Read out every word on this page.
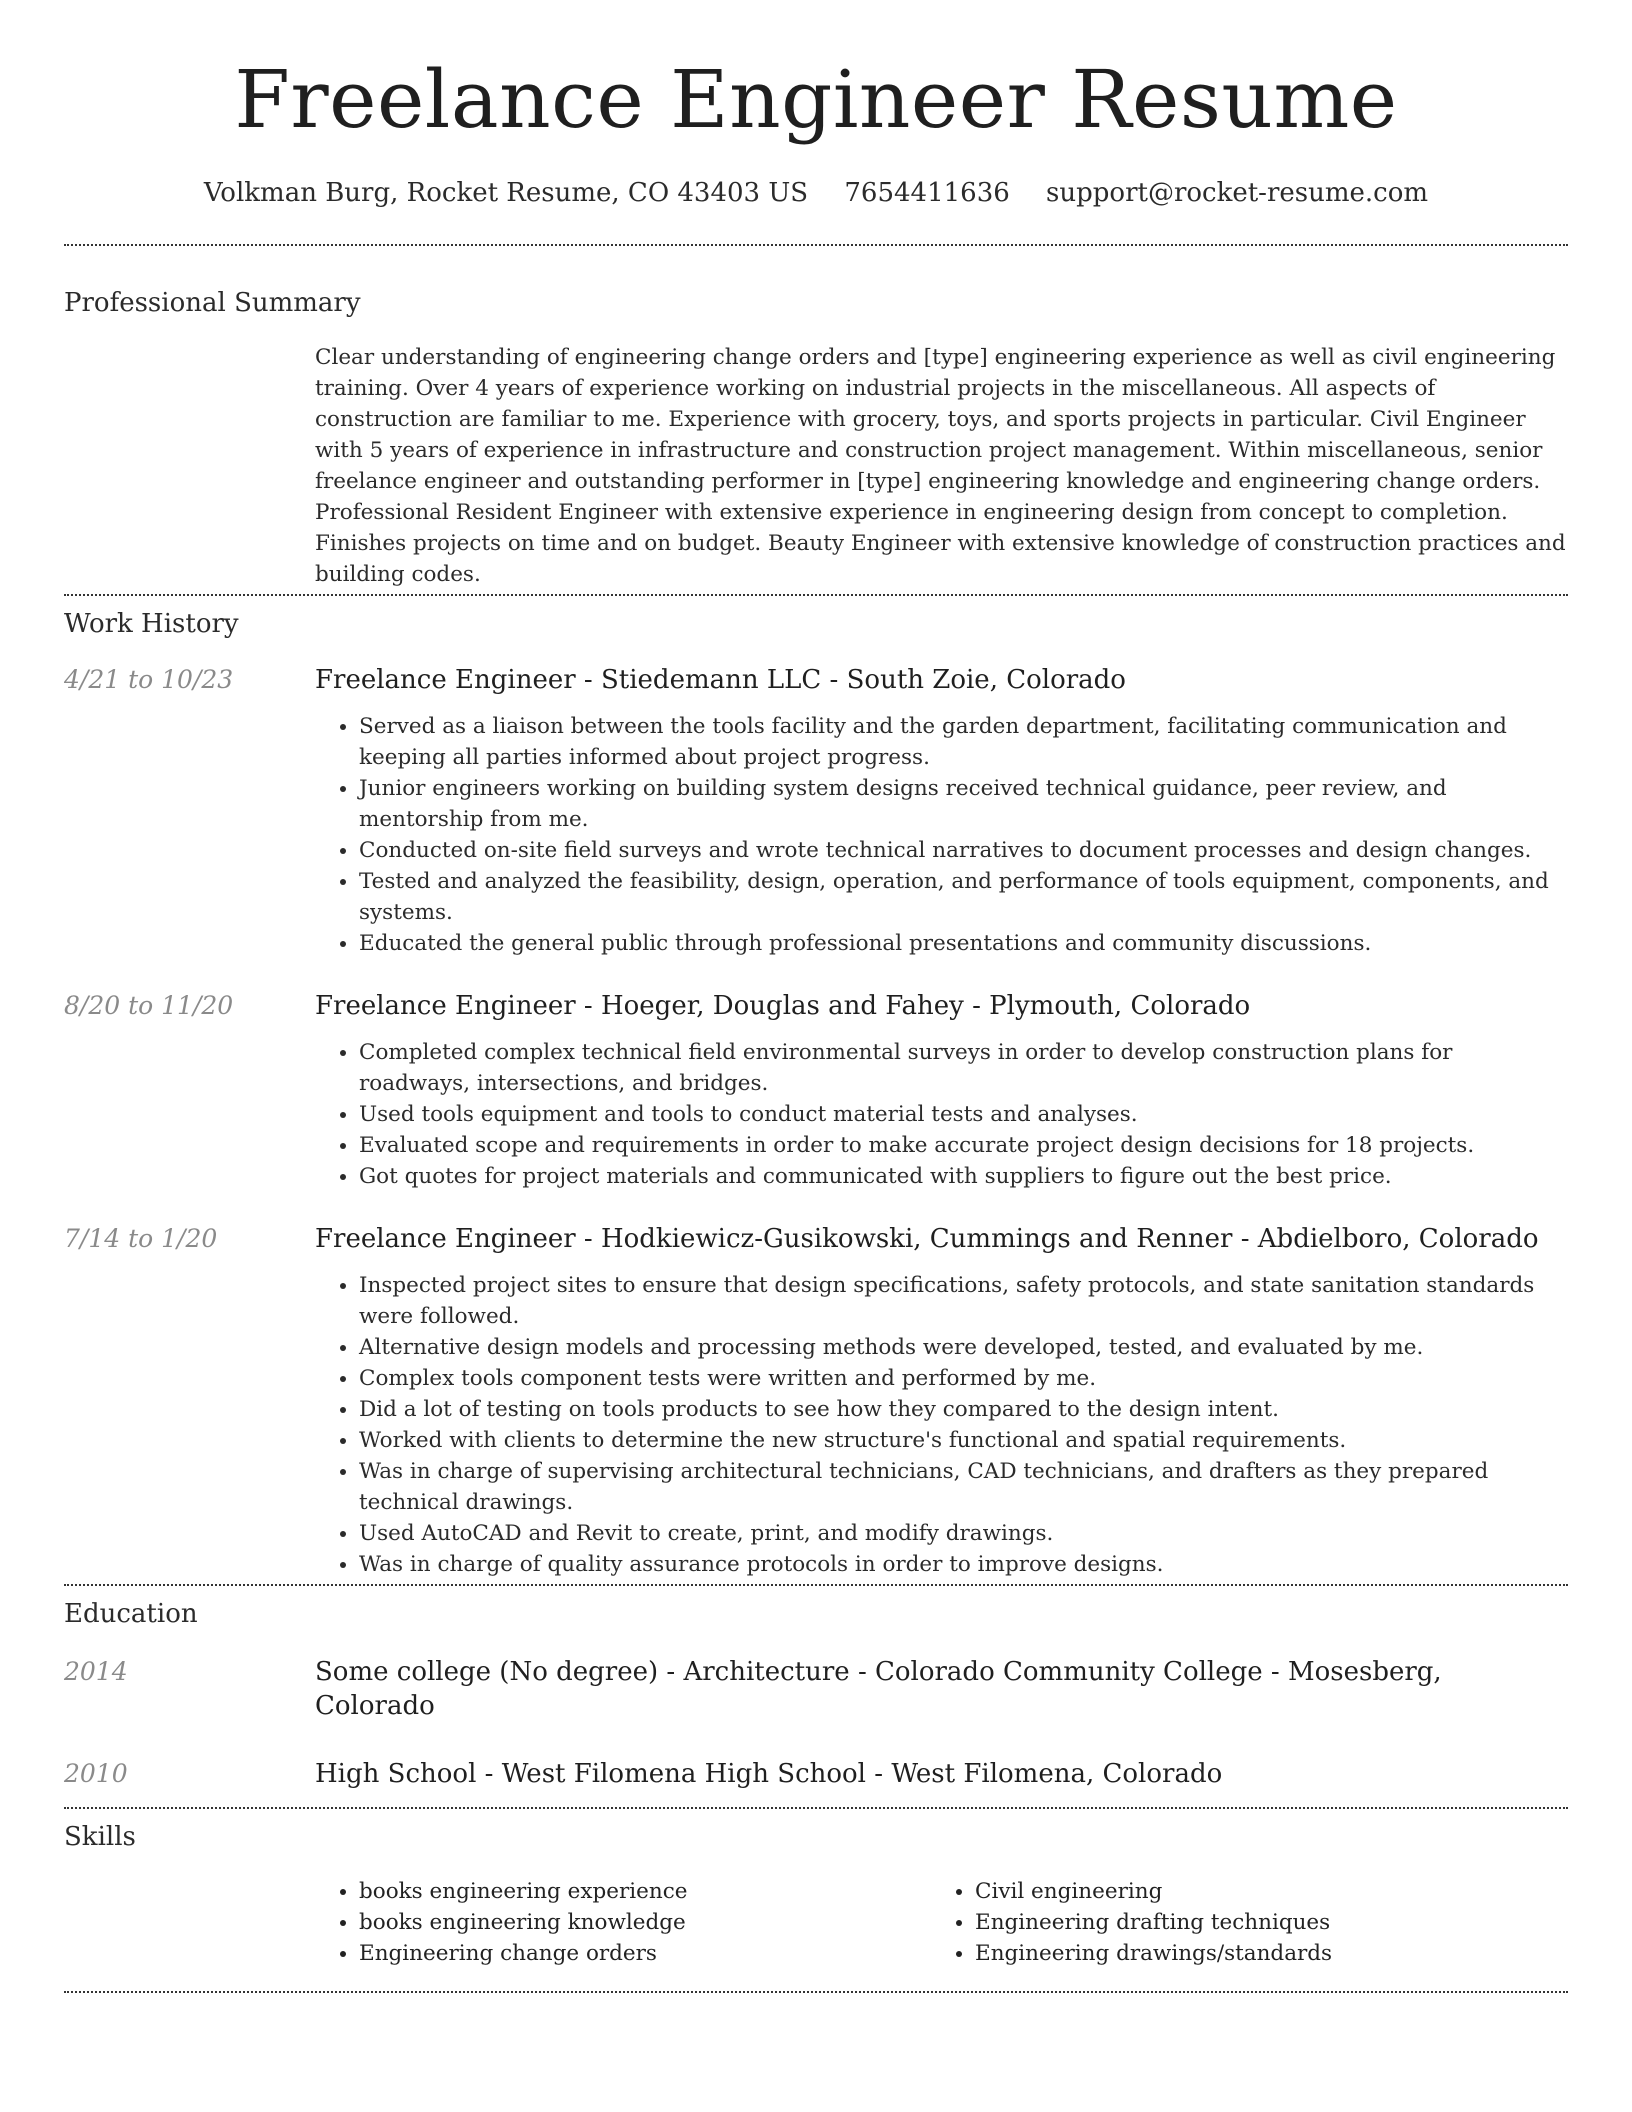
Freelance Engineer Resume
Volkman Burg, Rocket Resume, CO 43403 US 7654411636 support@rocket-resume.com
Professional Summary
Clear understanding of engineering change orders and [type] engineering experience as well as civil engineering training. Over 4 years of experience working on industrial projects in the miscellaneous. All aspects of construction are familiar to me. Experience with grocery, toys, and sports projects in particular. Civil Engineer with 5 years of experience in infrastructure and construction project management. Within miscellaneous, senior freelance engineer and outstanding performer in [type] engineering knowledge and engineering change orders. Professional Resident Engineer with extensive experience in engineering design from concept to completion. Finishes projects on time and on budget. Beauty Engineer with extensive knowledge of construction practices and building codes.
Work History
4/21 to 10/23	Freelance Engineer - Stiedemann LLC - South Zoie, Colorado
• Served as a liaison between the tools facility and the garden department, facilitating communication and keeping all parties informed about project progress.
• Junior engineers working on building system designs received technical guidance, peer review, and mentorship from me.
• Conducted on-site field surveys and wrote technical narratives to document processes and design changes.
• Tested and analyzed the feasibility, design, operation, and performance of tools equipment, components, and systems.
• Educated the general public through professional presentations and community discussions.
8/20 to 11/20	Freelance Engineer - Hoeger, Douglas and Fahey - Plymouth, Colorado
• Completed complex technical field environmental surveys in order to develop construction plans for roadways, intersections, and bridges.
• Used tools equipment and tools to conduct material tests and analyses.
• Evaluated scope and requirements in order to make accurate project design decisions for 18 projects.
• Got quotes for project materials and communicated with suppliers to figure out the best price.
7/14 to 1/20	Freelance Engineer - Hodkiewicz-Gusikowski, Cummings and Renner - Abdielboro, Colorado
• Inspected project sites to ensure that design specifications, safety protocols, and state sanitation standards were followed.
• Alternative design models and processing methods were developed, tested, and evaluated by me.
• Complex tools component tests were written and performed by me.
• Did a lot of testing on tools products to see how they compared to the design intent.
• Worked with clients to determine the new structure's functional and spatial requirements.
• Was in charge of supervising architectural technicians, CAD technicians, and drafters as they prepared technical drawings.
• Used AutoCAD and Revit to create, print, and modify drawings.
• Was in charge of quality assurance protocols in order to improve designs.
Education
2014	Some college (No degree) - Architecture - Colorado Community College - Mosesberg, Colorado
2010	High School - West Filomena High School - West Filomena, Colorado
Skills
• books engineering experience
• books engineering knowledge
• Engineering change orders
• Civil engineering
• Engineering drafting techniques
• Engineering drawings/standards
